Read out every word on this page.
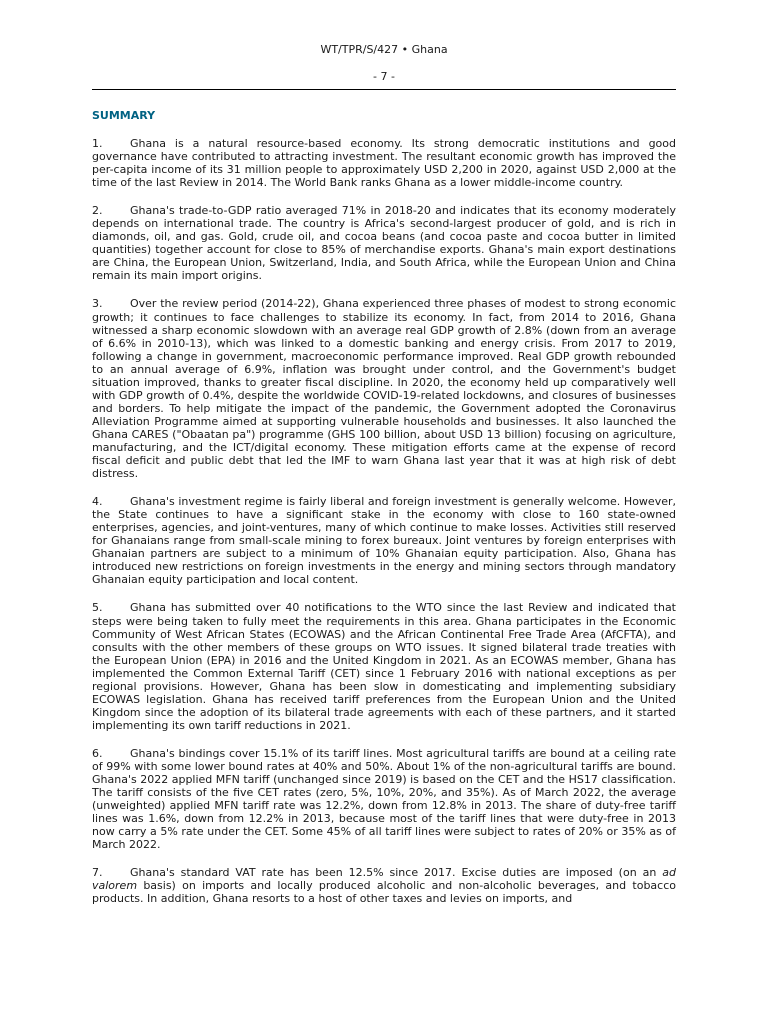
WT/TPR/S/427 • Ghana
- 7 -
SUMMARY

1.	Ghana is a natural resource-based economy. Its strong democratic institutions and good governance have contributed to attracting investment. The resultant economic growth has improved the per-capita income of its 31 million people to approximately USD 2,200 in 2020, against USD 2,000 at the time of the last Review in 2014. The World Bank ranks Ghana as a lower middle-income country.

2.	Ghana's trade-to-GDP ratio averaged 71% in 2018-20 and indicates that its economy moderately depends on international trade. The country is Africa's second-largest producer of gold, and is rich in diamonds, oil, and gas. Gold, crude oil, and cocoa beans (and cocoa paste and cocoa butter in limited quantities) together account for close to 85% of merchandise exports. Ghana's main export destinations are China, the European Union, Switzerland, India, and South Africa, while the European Union and China remain its main import origins.

3.	Over the review period (2014-22), Ghana experienced three phases of modest to strong economic growth; it continues to face challenges to stabilize its economy. In fact, from 2014 to 2016, Ghana witnessed a sharp economic slowdown with an average real GDP growth of 2.8% (down from an average of 6.6% in 2010-13), which was linked to a domestic banking and energy crisis. From 2017 to 2019, following a change in government, macroeconomic performance improved. Real GDP growth rebounded to an annual average of 6.9%, inflation was brought under control, and the Government's budget situation improved, thanks to greater fiscal discipline. In 2020, the economy held up comparatively well with GDP growth of 0.4%, despite the worldwide COVID-19-related lockdowns, and closures of businesses and borders. To help mitigate the impact of the pandemic, the Government adopted the Coronavirus Alleviation Programme aimed at supporting vulnerable households and businesses. It also launched the Ghana CARES ("Obaatan pa") programme (GHS 100 billion, about USD 13 billion) focusing on agriculture, manufacturing, and the ICT/digital economy. These mitigation efforts came at the expense of record fiscal deficit and public debt that led the IMF to warn Ghana last year that it was at high risk of debt distress.

4.	Ghana's investment regime is fairly liberal and foreign investment is generally welcome. However, the State continues to have a significant stake in the economy with close to 160 state-owned enterprises, agencies, and joint-ventures, many of which continue to make losses. Activities still reserved for Ghanaians range from small-scale mining to forex bureaux. Joint ventures by foreign enterprises with Ghanaian partners are subject to a minimum of 10% Ghanaian equity participation. Also, Ghana has introduced new restrictions on foreign investments in the energy and mining sectors through mandatory Ghanaian equity participation and local content.

5.	Ghana has submitted over 40 notifications to the WTO since the last Review and indicated that steps were being taken to fully meet the requirements in this area. Ghana participates in the Economic Community of West African States (ECOWAS) and the African Continental Free Trade Area (AfCFTA), and consults with the other members of these groups on WTO issues. It signed bilateral trade treaties with the European Union (EPA) in 2016 and the United Kingdom in 2021. As an ECOWAS member, Ghana has implemented the Common External Tariff (CET) since 1 February 2016 with national exceptions as per regional provisions. However, Ghana has been slow in domesticating and implementing subsidiary ECOWAS legislation. Ghana has received tariff preferences from the European Union and the United Kingdom since the adoption of its bilateral trade agreements with each of these partners, and it started implementing its own tariff reductions in 2021.

6.	Ghana's bindings cover 15.1% of its tariff lines. Most agricultural tariffs are bound at a ceiling rate of 99% with some lower bound rates at 40% and 50%. About 1% of the non-agricultural tariffs are bound. Ghana's 2022 applied MFN tariff (unchanged since 2019) is based on the CET and the HS17 classification. The tariff consists of the five CET rates (zero, 5%, 10%, 20%, and 35%). As of March 2022, the average (unweighted) applied MFN tariff rate was 12.2%, down from 12.8% in 2013. The share of duty-free tariff lines was 1.6%, down from 12.2% in 2013, because most of the tariff lines that were duty-free in 2013 now carry a 5% rate under the CET. Some 45% of all tariff lines were subject to rates of 20% or 35% as of March 2022.

7.	Ghana's standard VAT rate has been 12.5% since 2017. Excise duties are imposed (on an ad valorem basis) on imports and locally produced alcoholic and non-alcoholic beverages, and tobacco products. In addition, Ghana resorts to a host of other taxes and levies on imports, and
